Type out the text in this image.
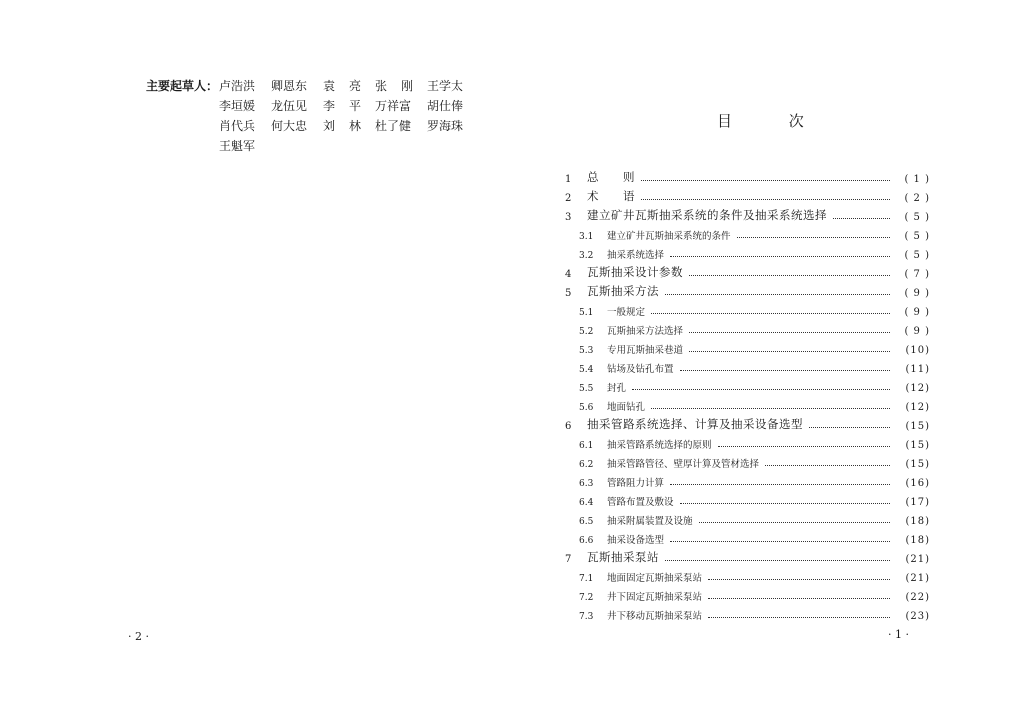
主要起草人： 卢浩洪 卿恩东 袁 亮 张 刚 王学太
李垣媛 龙伍见 李 平 万祥富 胡仕俸
肖代兵 何大忠 刘 林 杜了健 罗海珠
王魁军
· 2 ·
目 次
1	总　　则	( 1 )
2	术　　语	( 2 )
3	建立矿井瓦斯抽采系统的条件及抽采系统选择	( 5 )
3.1	建立矿井瓦斯抽采系统的条件	( 5 )
3.2	抽采系统选择	( 5 )
4	瓦斯抽采设计参数	( 7 )
5	瓦斯抽采方法	( 9 )
5.1	一般规定	( 9 )
5.2	瓦斯抽采方法选择	( 9 )
5.3	专用瓦斯抽采巷道	(10)
5.4	钻场及钻孔布置	(11)
5.5	封孔	(12)
5.6	地面钻孔	(12)
6	抽采管路系统选择、计算及抽采设备选型	(15)
6.1	抽采管路系统选择的原则	(15)
6.2	抽采管路管径、壁厚计算及管材选择	(15)
6.3	管路阻力计算	(16)
6.4	管路布置及敷设	(17)
6.5	抽采附属装置及设施	(18)
6.6	抽采设备选型	(18)
7	瓦斯抽采泵站	(21)
7.1	地面固定瓦斯抽采泵站	(21)
7.2	井下固定瓦斯抽采泵站	(22)
7.3	井下移动瓦斯抽采泵站	(23)
· 1 ·
